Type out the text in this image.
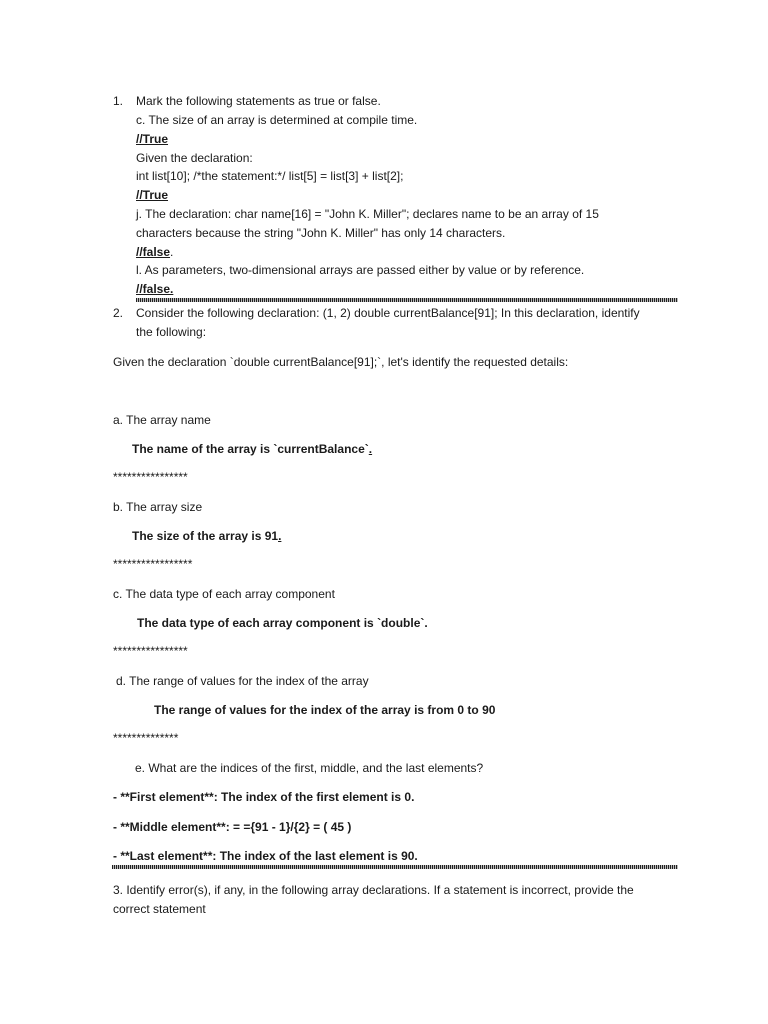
1. Mark the following statements as true or false.
c. The size of an array is determined at compile time.
//True
Given the declaration:
int list[10]; /*the statement:*/ list[5] = list[3] + list[2];
//True
j. The declaration: char name[16] = "John K. Miller"; declares name to be an array of 15
characters because the string "John K. Miller" has only 14 characters.
//false.
l. As parameters, two-dimensional arrays are passed either by value or by reference.
//false.
2. Consider the following declaration: (1, 2) double currentBalance[91]; In this declaration, identify
the following:
Given the declaration `double currentBalance[91];`, let's identify the requested details:
a. The array name
The name of the array is `currentBalance`.
****************
b. The array size
The size of the array is 91.
*****************
c. The data type of each array component
The data type of each array component is `double`.
****************
d. The range of values for the index of the array
The range of values for the index of the array is from 0 to 90
**************
e. What are the indices of the first, middle, and the last elements?
- **First element**: The index of the first element is 0.
- **Middle element**: = ={91 - 1}/{2} = ( 45 )
- **Last element**: The index of the last element is 90.
3. Identify error(s), if any, in the following array declarations. If a statement is incorrect, provide the
correct statement
